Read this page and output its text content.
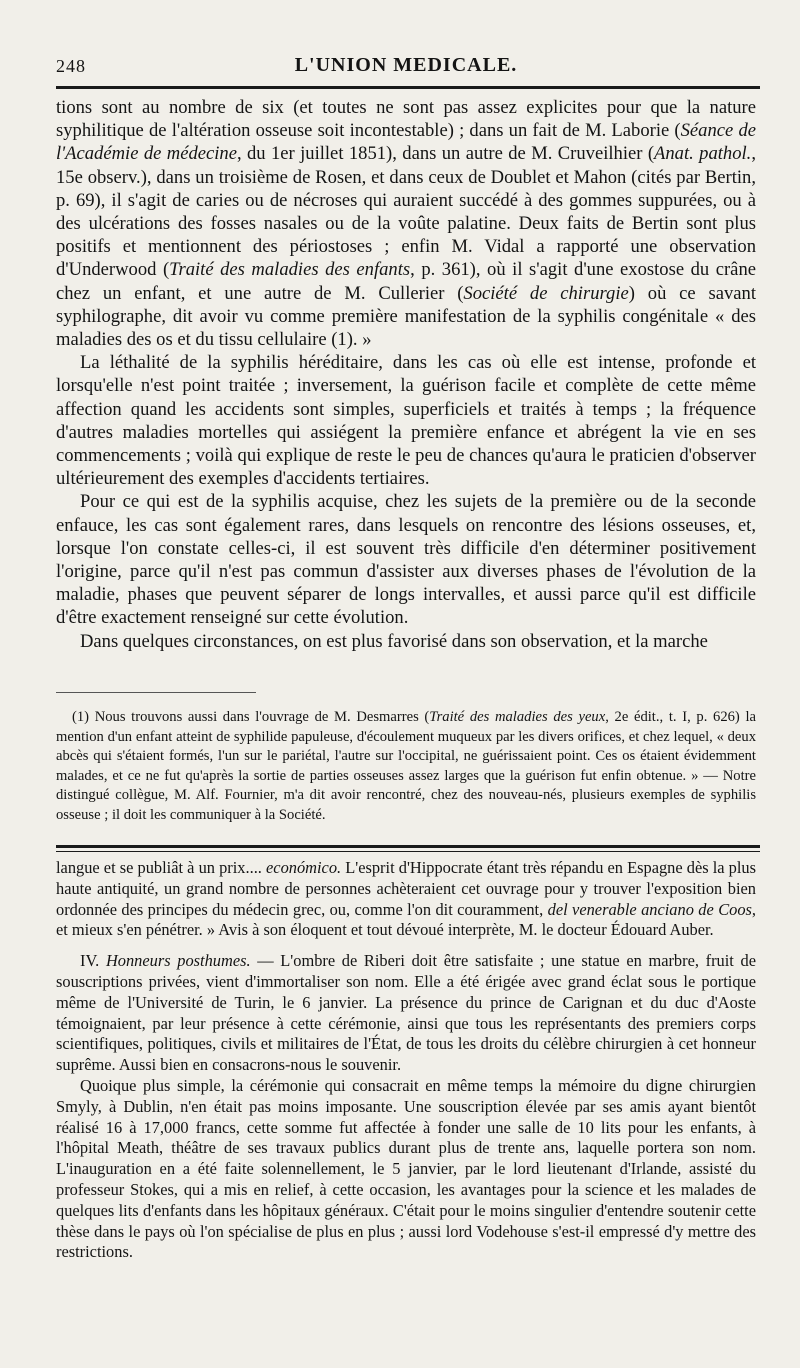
248	L'UNION MEDICALE.

tions sont au nombre de six (et toutes ne sont pas assez explicites pour que la nature syphilitique de l'altération osseuse soit incontestable) ; dans un fait de M. Laborie (Séance de l'Académie de médecine, du 1er juillet 1851), dans un autre de M. Cruveilhier (Anat. pathol., 15e observ.), dans un troisième de Rosen, et dans ceux de Doublet et Mahon (cités par Bertin, p. 69), il s'agit de caries ou de nécroses qui auraient succédé à des gommes suppurées, ou à des ulcérations des fosses nasales ou de la voûte palatine. Deux faits de Bertin sont plus positifs et mentionnent des périostoses ; enfin M. Vidal a rapporté une observation d'Underwood (Traité des maladies des enfants, p. 361), où il s'agit d'une exostose du crâne chez un enfant, et une autre de M. Cullerier (Société de chirurgie) où ce savant syphilographe, dit avoir vu comme première manifestation de la syphilis congénitale « des maladies des os et du tissu cellulaire (1). »

La léthalité de la syphilis héréditaire, dans les cas où elle est intense, profonde et lorsqu'elle n'est point traitée ; inversement, la guérison facile et complète de cette même affection quand les accidents sont simples, superficiels et traités à temps ; la fréquence d'autres maladies mortelles qui assiégent la première enfance et abrégent la vie en ses commencements ; voilà qui explique de reste le peu de chances qu'aura le praticien d'observer ultérieurement des exemples d'accidents tertiaires.

Pour ce qui est de la syphilis acquise, chez les sujets de la première ou de la seconde enfauce, les cas sont également rares, dans lesquels on rencontre des lésions osseuses, et, lorsque l'on constate celles-ci, il est souvent très difficile d'en déterminer positivement l'origine, parce qu'il n'est pas commun d'assister aux diverses phases de l'évolution de la maladie, phases que peuvent séparer de longs intervalles, et aussi parce qu'il est difficile d'être exactement renseigné sur cette évolution.

Dans quelques circonstances, on est plus favorisé dans son observation, et la marche

(1) Nous trouvons aussi dans l'ouvrage de M. Desmarres (Traité des maladies des yeux, 2e édit., t. I, p. 626) la mention d'un enfant atteint de syphilide papuleuse, d'écoulement muqueux par les divers orifices, et chez lequel, « deux abcès qui s'étaient formés, l'un sur le pariétal, l'autre sur l'occipital, ne guérissaient point. Ces os étaient évidemment malades, et ce ne fut qu'après la sortie de parties osseuses assez larges que la guérison fut enfin obtenue. » — Notre distingué collègue, M. Alf. Fournier, m'a dit avoir rencontré, chez des nouveau-nés, plusieurs exemples de syphilis osseuse ; il doit les communiquer à la Société.

langue et se publiât à un prix.... económico. L'esprit d'Hippocrate étant très répandu en Espagne dès la plus haute antiquité, un grand nombre de personnes achèteraient cet ouvrage pour y trouver l'exposition bien ordonnée des principes du médecin grec, ou, comme l'on dit couramment, del venerable anciano de Coos, et mieux s'en pénétrer. » Avis à son éloquent et tout dévoué interprète, M. le docteur Édouard Auber.

IV. Honneurs posthumes. — L'ombre de Riberi doit être satisfaite ; une statue en marbre, fruit de souscriptions privées, vient d'immortaliser son nom. Elle a été érigée avec grand éclat sous le portique même de l'Université de Turin, le 6 janvier. La présence du prince de Carignan et du duc d'Aoste témoignaient, par leur présence à cette cérémonie, ainsi que tous les représentants des premiers corps scientifiques, politiques, civils et militaires de l'État, de tous les droits du célèbre chirurgien à cet honneur suprême. Aussi bien en consacrons-nous le souvenir.

Quoique plus simple, la cérémonie qui consacrait en même temps la mémoire du digne chirurgien Smyly, à Dublin, n'en était pas moins imposante. Une souscription élevée par ses amis ayant bientôt réalisé 16 à 17,000 francs, cette somme fut affectée à fonder une salle de 10 lits pour les enfants, à l'hôpital Meath, théâtre de ses travaux publics durant plus de trente ans, laquelle portera son nom. L'inauguration en a été faite solennellement, le 5 janvier, par le lord lieutenant d'Irlande, assisté du professeur Stokes, qui a mis en relief, à cette occasion, les avantages pour la science et les malades de quelques lits d'enfants dans les hôpitaux généraux. C'était pour le moins singulier d'entendre soutenir cette thèse dans le pays où l'on spécialise de plus en plus ; aussi lord Vodehouse s'est-il empressé d'y mettre des restrictions.
